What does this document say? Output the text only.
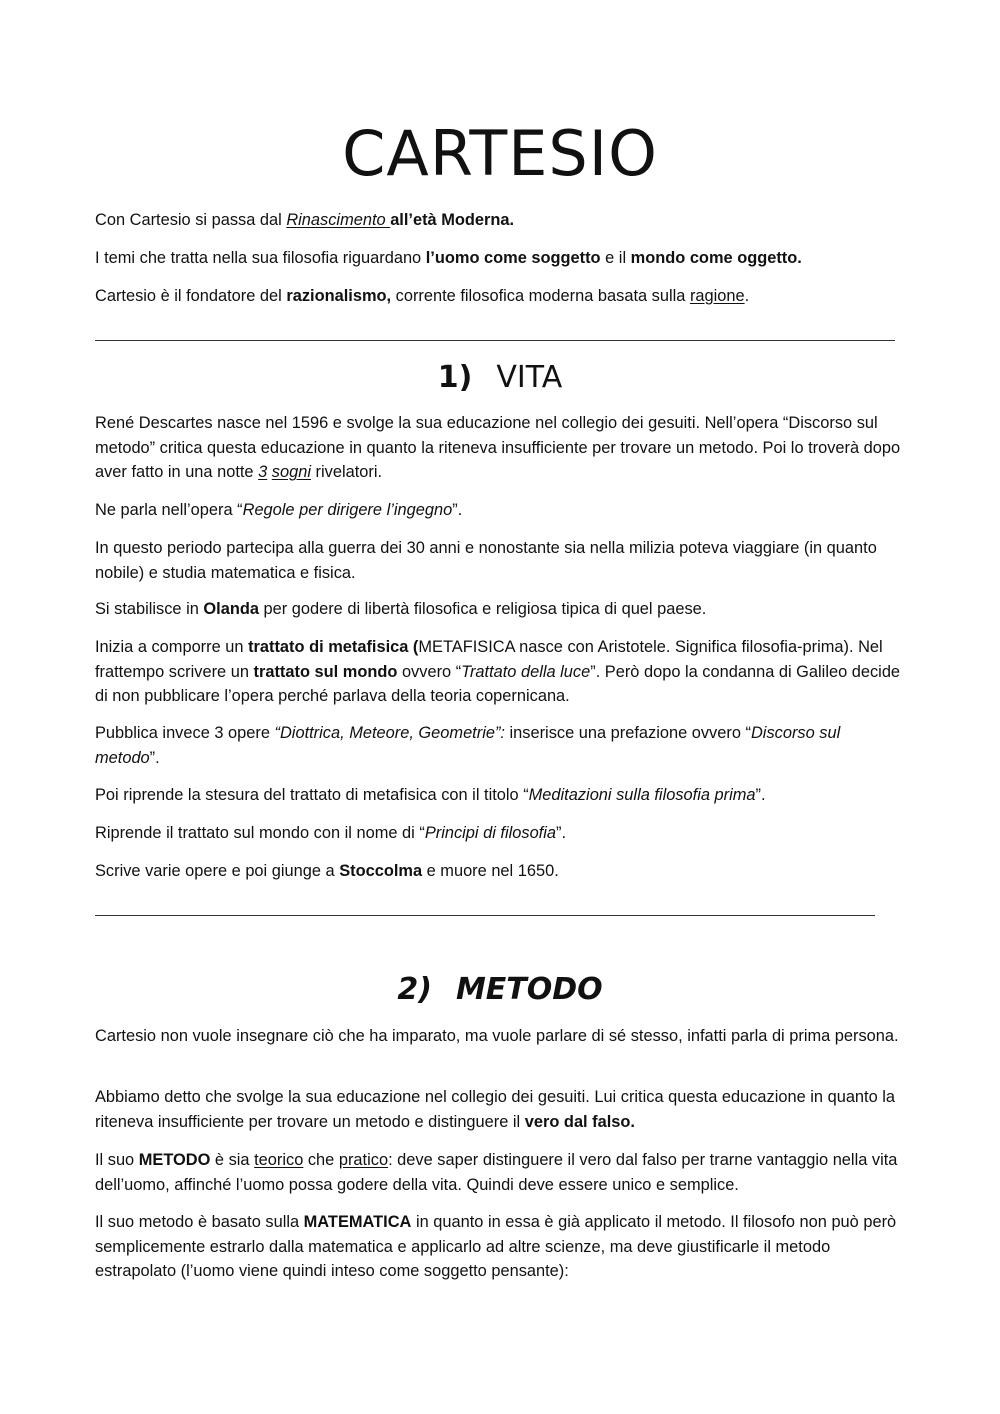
CARTESIO

Con Cartesio si passa dal Rinascimento all’età Moderna.

I temi che tratta nella sua filosofia riguardano l’uomo come soggetto e il mondo come oggetto.

Cartesio è il fondatore del razionalismo, corrente filosofica moderna basata sulla ragione.

1) VITA

René Descartes nasce nel 1596 e svolge la sua educazione nel collegio dei gesuiti. Nell’opera “Discorso sul metodo” critica questa educazione in quanto la riteneva insufficiente per trovare un metodo. Poi lo troverà dopo aver fatto in una notte 3 sogni rivelatori.

Ne parla nell’opera “Regole per dirigere l’ingegno”.

In questo periodo partecipa alla guerra dei 30 anni e nonostante sia nella milizia poteva viaggiare (in quanto nobile) e studia matematica e fisica.

Si stabilisce in Olanda per godere di libertà filosofica e religiosa tipica di quel paese.

Inizia a comporre un trattato di metafisica (METAFISICA nasce con Aristotele. Significa filosofia-prima). Nel frattempo scrivere un trattato sul mondo ovvero “Trattato della luce”. Però dopo la condanna di Galileo decide di non pubblicare l’opera perché parlava della teoria copernicana.

Pubblica invece 3 opere “Diottrica, Meteore, Geometrie”: inserisce una prefazione ovvero “Discorso sul metodo”.

Poi riprende la stesura del trattato di metafisica con il titolo “Meditazioni sulla filosofia prima”.

Riprende il trattato sul mondo con il nome di “Principi di filosofia”.

Scrive varie opere e poi giunge a Stoccolma e muore nel 1650.

2) METODO

Cartesio non vuole insegnare ciò che ha imparato, ma vuole parlare di sé stesso, infatti parla di prima persona.

Abbiamo detto che svolge la sua educazione nel collegio dei gesuiti. Lui critica questa educazione in quanto la riteneva insufficiente per trovare un metodo e distinguere il vero dal falso.

Il suo METODO è sia teorico che pratico: deve saper distinguere il vero dal falso per trarne vantaggio nella vita dell’uomo, affinché l’uomo possa godere della vita. Quindi deve essere unico e semplice.

Il suo metodo è basato sulla MATEMATICA in quanto in essa è già applicato il metodo. Il filosofo non può però semplicemente estrarlo dalla matematica e applicarlo ad altre scienze, ma deve giustificarle il metodo estrapolato (l’uomo viene quindi inteso come soggetto pensante):
